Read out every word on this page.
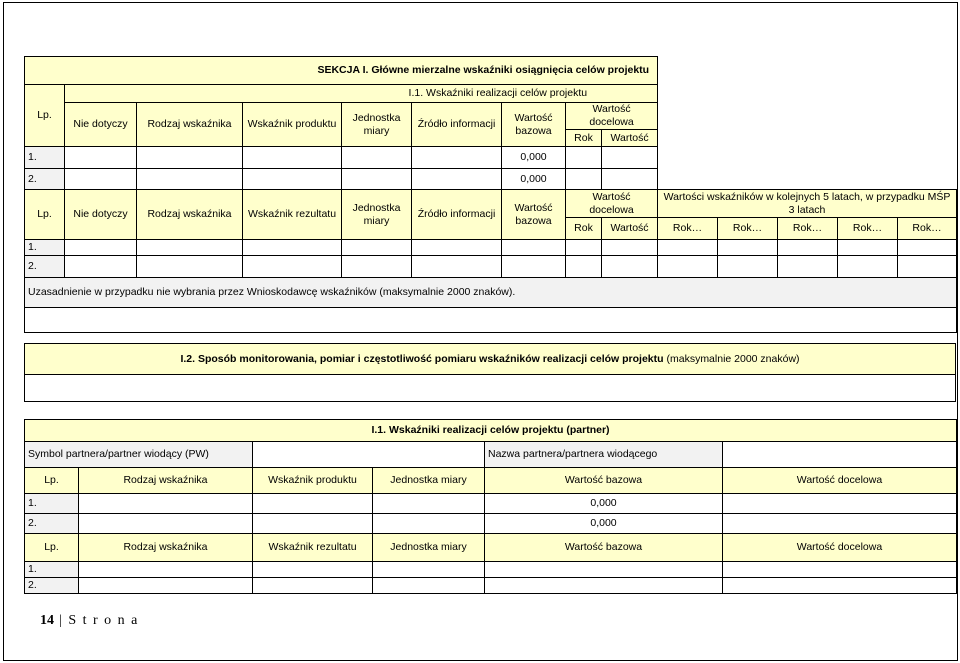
SEKCJA I. Główne mierzalne wskaźniki osiągnięcia celów projektu								
Lp.	I.1. Wskaźniki realizacji celów projektu							
	Nie dotyczy	Rodzaj wskaźnika	Wskaźnik produktu	Jednostka miary	Źródło informacji	Wartość bazowa	Wartość docelowa	
							Rok	Wartość
1.						0,000		
2.						0,000		
Lp.	Nie dotyczy	Rodzaj wskaźnika	Wskaźnik rezultatu	Jednostka miary	Źródło informacji	Wartość bazowa	Wartość docelowa		Wartości wskaźników w kolejnych 5 latach, w przypadku MŚP 3 latach				
							Rok	Wartość	Rok…	Rok…	Rok…	Rok…	Rok…
1.													
2.													
Uzasadnienie w przypadku nie wybrania przez Wnioskodawcę wskaźników (maksymalnie 2000 znaków).													

I.2. Sposób monitorowania, pomiar i częstotliwość pomiaru wskaźników realizacji celów projektu (maksymalnie 2000 znaków)

I.1. Wskaźniki realizacji celów projektu (partner)					
Symbol partnera/partner wiodący (PW)				Nazwa partnera/partnera wiodącego	
Lp.	Rodzaj wskaźnika	Wskaźnik produktu	Jednostka miary	Wartość bazowa	Wartość docelowa
1.				0,000	
2.				0,000	
Lp.	Rodzaj wskaźnika	Wskaźnik rezultatu	Jednostka miary	Wartość bazowa	Wartość docelowa
1.					
2.					
14 | S t r o n a
